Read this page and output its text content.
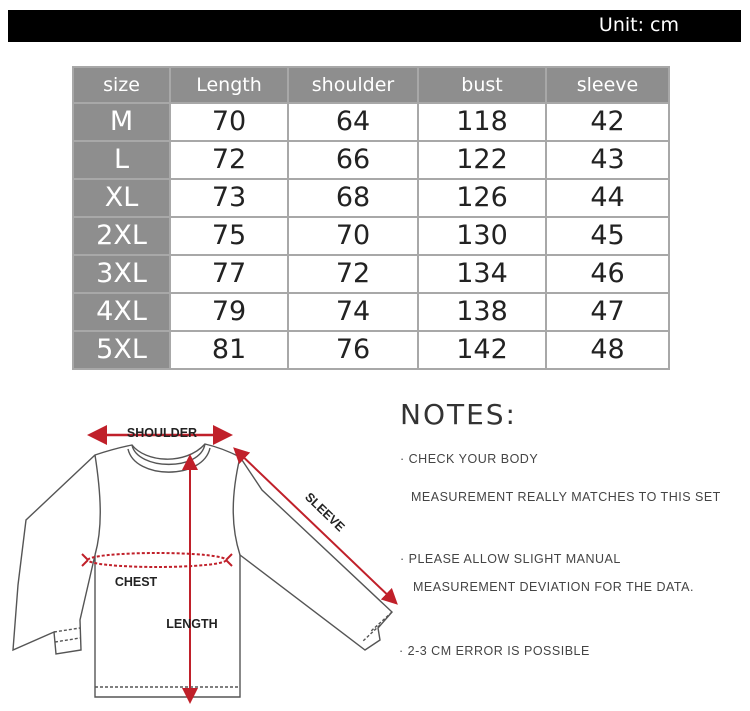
Unit: cm
size	Length	shoulder	bust	sleeve
M	70	64	118	42
L	72	66	122	43
XL	73	68	126	44
2XL	75	70	130	45
3XL	77	72	134	46
4XL	79	74	138	47
5XL	81	76	142	48
SHOULDER
SLEEVE
CHEST
LENGTH
NOTES:
· CHECK YOUR BODY
MEASUREMENT REALLY MATCHES TO THIS SET
· PLEASE ALLOW SLIGHT MANUAL
MEASUREMENT DEVIATION FOR THE DATA.
· 2-3 CM ERROR IS POSSIBLE
